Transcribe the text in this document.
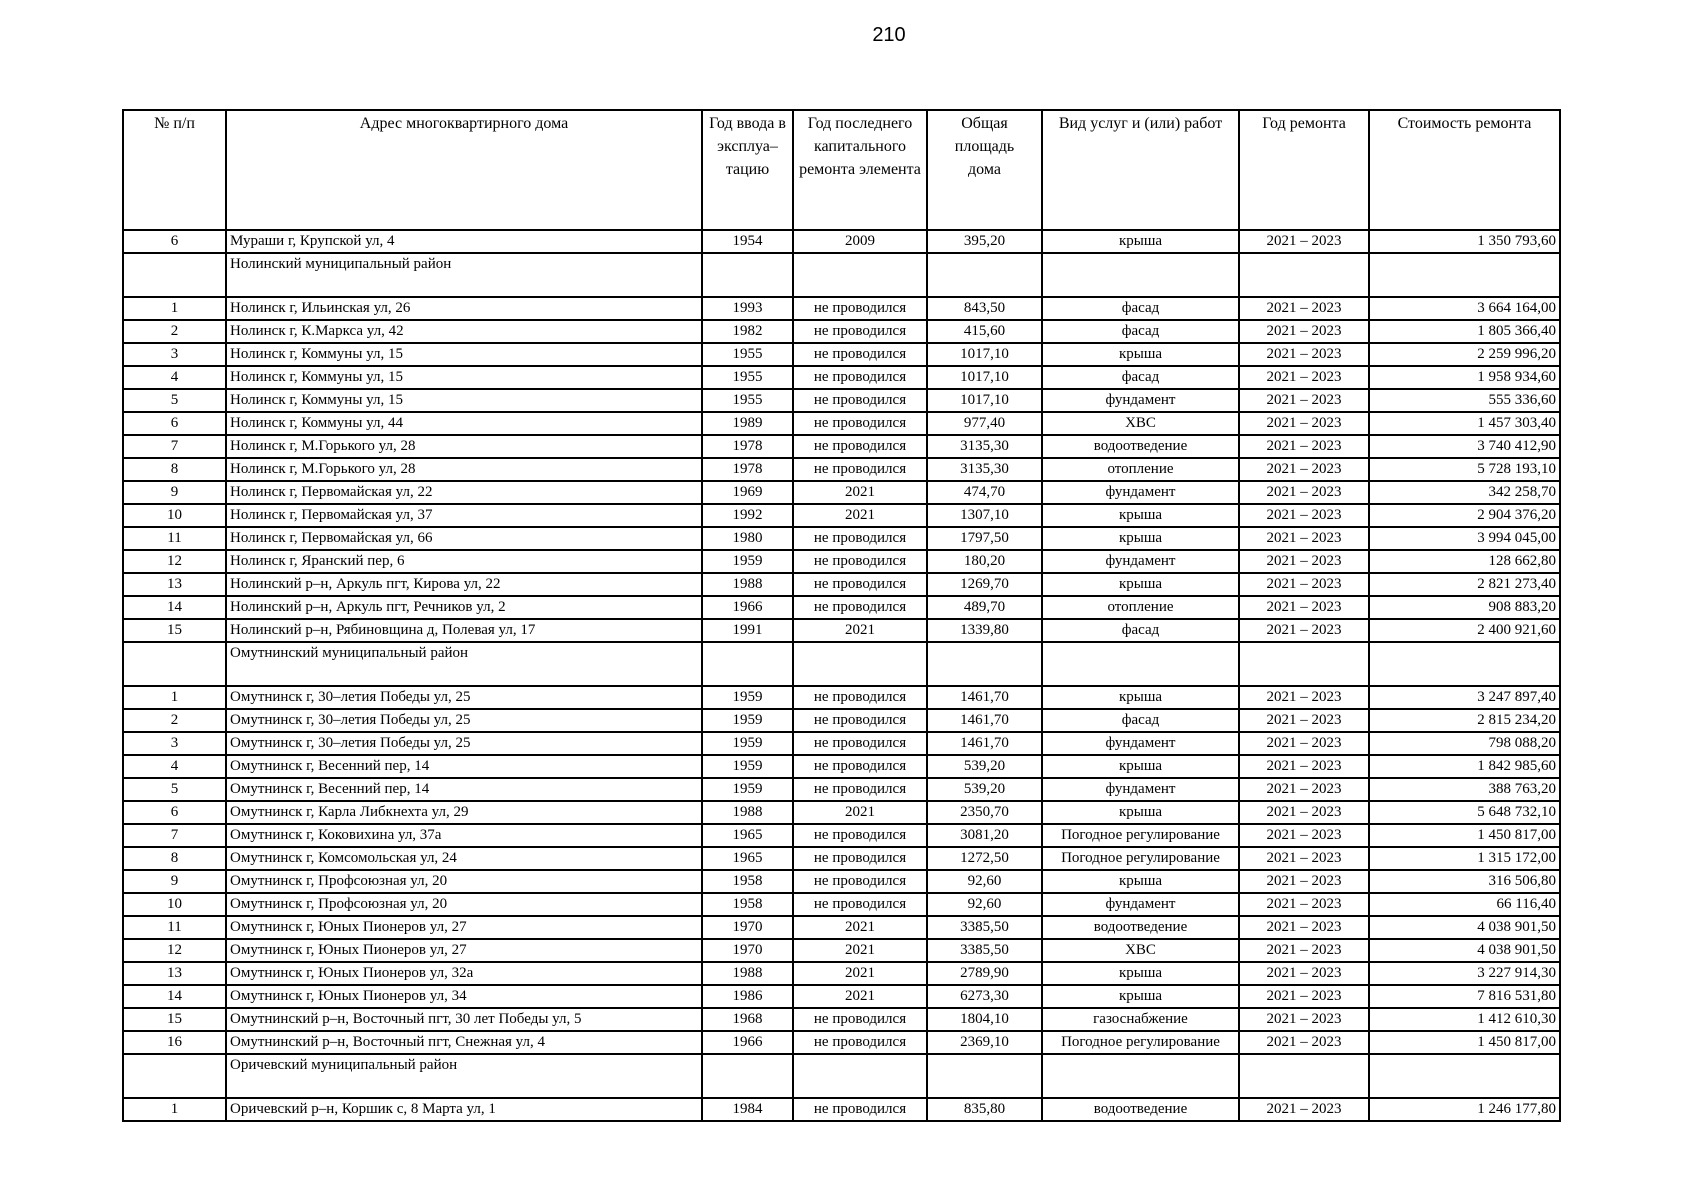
210
№ п/п	Адрес многоквартирного дома	Год ввода в эксплуа–тацию	Год последнего капитального ремонта элемента	Общая площадь дома	Вид услуг и (или) работ	Год ремонта	Стоимость ремонта
6	Мураши г, Крупской ул, 4	1954	2009	395,20	крыша	2021 – 2023	1 350 793,60
	Нолинский муниципальный район						
1	Нолинск г, Ильинская ул, 26	1993	не проводился	843,50	фасад	2021 – 2023	3 664 164,00
2	Нолинск г, К.Маркса ул, 42	1982	не проводился	415,60	фасад	2021 – 2023	1 805 366,40
3	Нолинск г, Коммуны ул, 15	1955	не проводился	1017,10	крыша	2021 – 2023	2 259 996,20
4	Нолинск г, Коммуны ул, 15	1955	не проводился	1017,10	фасад	2021 – 2023	1 958 934,60
5	Нолинск г, Коммуны ул, 15	1955	не проводился	1017,10	фундамент	2021 – 2023	555 336,60
6	Нолинск г, Коммуны ул, 44	1989	не проводился	977,40	ХВС	2021 – 2023	1 457 303,40
7	Нолинск г, М.Горького ул, 28	1978	не проводился	3135,30	водоотведение	2021 – 2023	3 740 412,90
8	Нолинск г, М.Горького ул, 28	1978	не проводился	3135,30	отопление	2021 – 2023	5 728 193,10
9	Нолинск г, Первомайская ул, 22	1969	2021	474,70	фундамент	2021 – 2023	342 258,70
10	Нолинск г, Первомайская ул, 37	1992	2021	1307,10	крыша	2021 – 2023	2 904 376,20
11	Нолинск г, Первомайская ул, 66	1980	не проводился	1797,50	крыша	2021 – 2023	3 994 045,00
12	Нолинск г, Яранский пер, 6	1959	не проводился	180,20	фундамент	2021 – 2023	128 662,80
13	Нолинский р–н, Аркуль пгт, Кирова ул, 22	1988	не проводился	1269,70	крыша	2021 – 2023	2 821 273,40
14	Нолинский р–н, Аркуль пгт, Речников ул, 2	1966	не проводился	489,70	отопление	2021 – 2023	908 883,20
15	Нолинский р–н, Рябиновщина д, Полевая ул, 17	1991	2021	1339,80	фасад	2021 – 2023	2 400 921,60
	Омутнинский муниципальный район						
1	Омутнинск г, 30–летия Победы ул, 25	1959	не проводился	1461,70	крыша	2021 – 2023	3 247 897,40
2	Омутнинск г, 30–летия Победы ул, 25	1959	не проводился	1461,70	фасад	2021 – 2023	2 815 234,20
3	Омутнинск г, 30–летия Победы ул, 25	1959	не проводился	1461,70	фундамент	2021 – 2023	798 088,20
4	Омутнинск г, Весенний пер, 14	1959	не проводился	539,20	крыша	2021 – 2023	1 842 985,60
5	Омутнинск г, Весенний пер, 14	1959	не проводился	539,20	фундамент	2021 – 2023	388 763,20
6	Омутнинск г, Карла Либкнехта ул, 29	1988	2021	2350,70	крыша	2021 – 2023	5 648 732,10
7	Омутнинск г, Коковихина ул, 37а	1965	не проводился	3081,20	Погодное регулирование	2021 – 2023	1 450 817,00
8	Омутнинск г, Комсомольская ул, 24	1965	не проводился	1272,50	Погодное регулирование	2021 – 2023	1 315 172,00
9	Омутнинск г, Профсоюзная ул, 20	1958	не проводился	92,60	крыша	2021 – 2023	316 506,80
10	Омутнинск г, Профсоюзная ул, 20	1958	не проводился	92,60	фундамент	2021 – 2023	66 116,40
11	Омутнинск г, Юных Пионеров ул, 27	1970	2021	3385,50	водоотведение	2021 – 2023	4 038 901,50
12	Омутнинск г, Юных Пионеров ул, 27	1970	2021	3385,50	ХВС	2021 – 2023	4 038 901,50
13	Омутнинск г, Юных Пионеров ул, 32а	1988	2021	2789,90	крыша	2021 – 2023	3 227 914,30
14	Омутнинск г, Юных Пионеров ул, 34	1986	2021	6273,30	крыша	2021 – 2023	7 816 531,80
15	Омутнинский р–н, Восточный пгт, 30 лет Победы ул, 5	1968	не проводился	1804,10	газоснабжение	2021 – 2023	1 412 610,30
16	Омутнинский р–н, Восточный пгт, Снежная ул, 4	1966	не проводился	2369,10	Погодное регулирование	2021 – 2023	1 450 817,00
	Оричевский муниципальный район						
1	Оричевский р–н, Коршик с, 8 Марта ул, 1	1984	не проводился	835,80	водоотведение	2021 – 2023	1 246 177,80
